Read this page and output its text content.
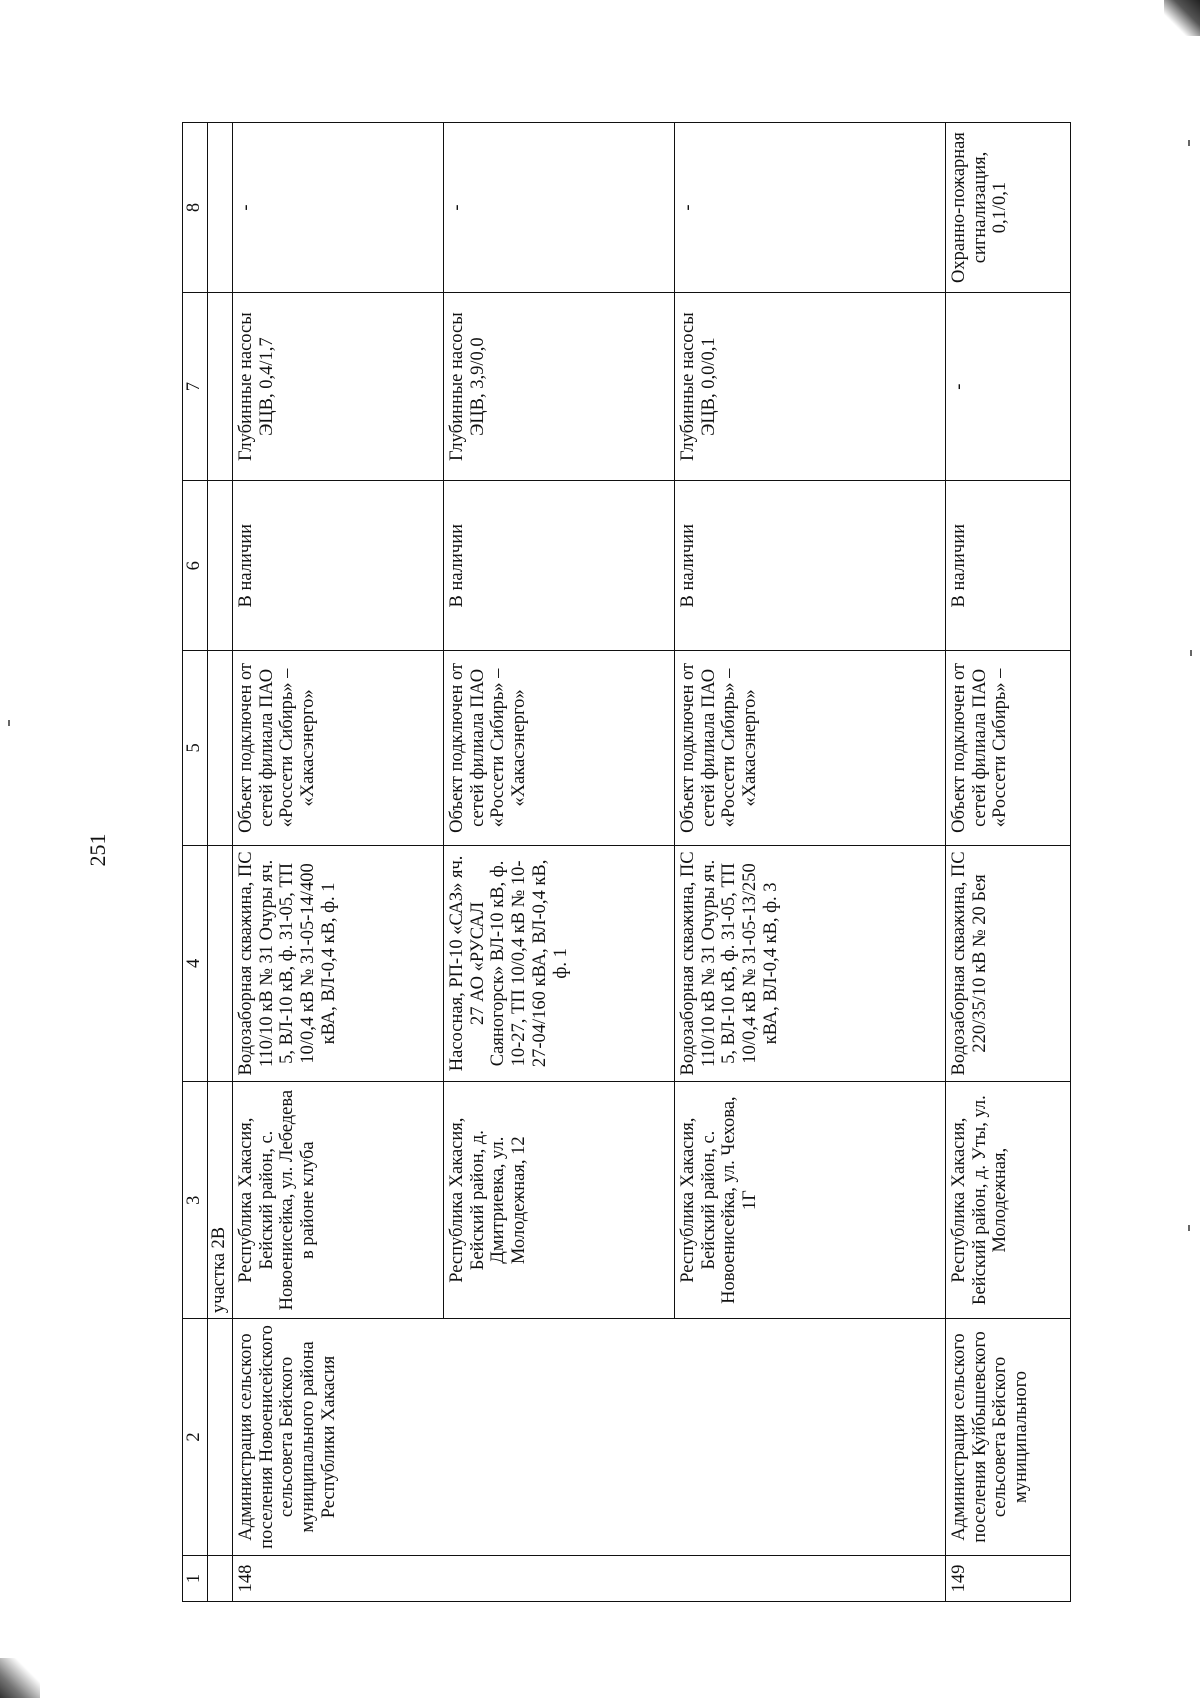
251
1	2	3	4	5	6	7	8
		участка 2В					
148	Администрация сельского поселения Новоенисейского сельсовета Бейского муниципального района Республики Хакасия	Республика Хакасия, Бейский район, с. Новоенисейка, ул. Лебедева в районе клуба	Водозаборная скважина, ПС 110/10 кВ № 31 Очуры яч. 5, ВЛ-10 кВ, ф. 31-05, ТП 10/0,4 кВ № 31-05-14/400 кВА, ВЛ-0,4 кВ, ф. 1	Объект подключен от сетей филиала ПАО «Россети Сибирь» – «Хакасэнерго»	В наличии	Глубинные насосы ЭЦВ, 0,4/1,7	-
		Республика Хакасия, Бейский район, д. Дмитриевка, ул. Молодежная, 12	Насосная, РП-10 «САЗ» яч. 27 АО «РУСАЛ Саяногорск» ВЛ-10 кВ, ф. 10-27, ТП 10/0,4 кВ № 10-27-04/160 кВА, ВЛ-0,4 кВ, ф. 1	Объект подключен от сетей филиала ПАО «Россети Сибирь» – «Хакасэнерго»	В наличии	Глубинные насосы ЭЦВ, 3,9/0,0	-
		Республика Хакасия, Бейский район, с. Новоенисейка, ул. Чехова, 1Г	Водозаборная скважина, ПС 110/10 кВ № 31 Очуры яч. 5, ВЛ-10 кВ, ф. 31-05, ТП 10/0,4 кВ № 31-05-13/250 кВА, ВЛ-0,4 кВ, ф. 3	Объект подключен от сетей филиала ПАО «Россети Сибирь» – «Хакасэнерго»	В наличии	Глубинные насосы ЭЦВ, 0,0/0,1	-
149	Администрация сельского поселения Куйбышевского сельсовета Бейского муниципального	Республика Хакасия, Бейский район, д. Уты, ул. Молодежная,	Водозаборная скважина, ПС 220/35/10 кВ № 20 Бея	Объект подключен от сетей филиала ПАО «Россети Сибирь» –	В наличии	-	Охранно-пожарная сигнализация, 0,1/0,1
